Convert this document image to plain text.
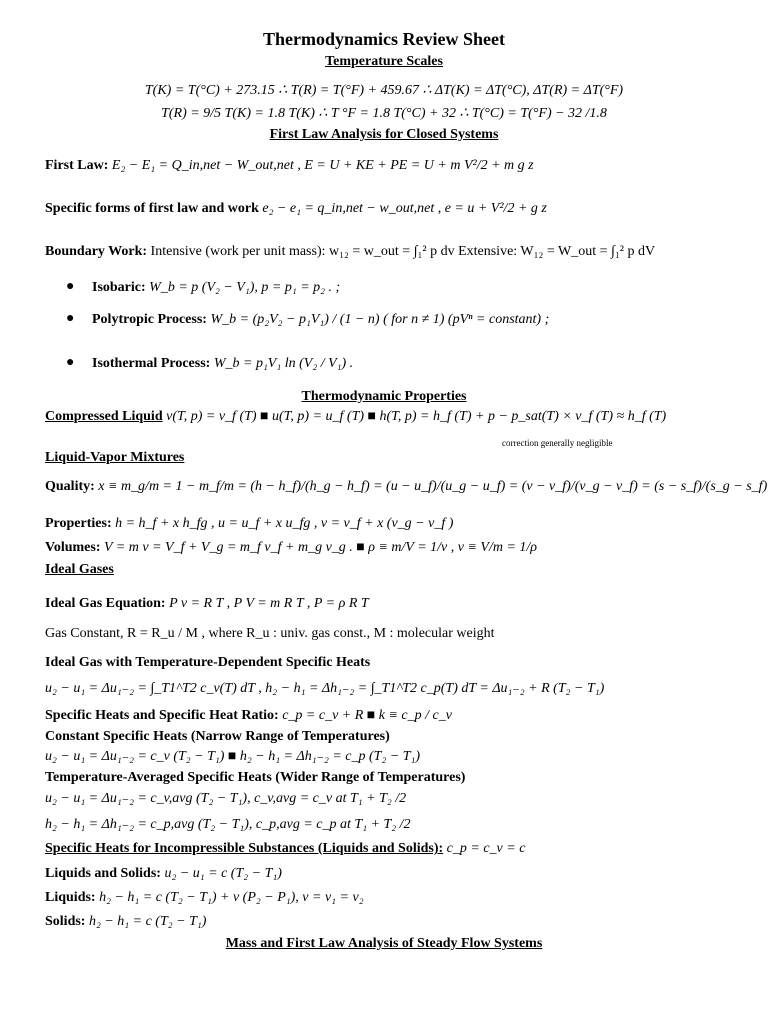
Thermodynamics Review Sheet
Temperature Scales
T(K) = T(°C) + 273.15 ∴ T(R) = T(°F) + 459.67 ∴ ΔT(K) = ΔT(°C), ΔT(R) = ΔT(°F)
T(R) = 9/5 T(K) = 1.8 T(K) ∴ T °F = 1.8 T(°C) + 32 ∴ T(°C) = T(°F) − 32 /1.8
First Law Analysis for Closed Systems
First Law: E₂ − E₁ = Q_in,net − W_out,net , E = U + KE + PE = U + m V²/2 + m g z
Specific forms of first law and work e₂ − e₁ = q_in,net − w_out,net , e = u + V²/2 + g z
Boundary Work: Intensive (work per unit mass): w₁₂ = w_out = ∫₁² p dv Extensive: W₁₂ = W_out = ∫₁² p dV
● Isobaric: W_b = p (V₂ − V₁), p = p₁ = p₂ . ;
● Polytropic Process: W_b = (p₂V₂ − p₁V₁) / (1 − n) ( for n ≠ 1) (pVⁿ = constant) ;
● Isothermal Process: W_b = p₁V₁ ln (V₂ / V₁) .
Thermodynamic Properties
Compressed Liquid v(T, p) = v_f (T) ■ u(T, p) = u_f (T) ■ h(T, p) = h_f (T) + p − p_sat(T) × v_f (T) ≈ h_f (T)
correction generally negligible
Liquid-Vapor Mixtures
Quality: x ≡ m_g/m = 1 − m_f/m = (h − h_f)/(h_g − h_f) = (u − u_f)/(u_g − u_f) = (v − v_f)/(v_g − v_f) = (s − s_f)/(s_g − s_f)
Properties: h = h_f + x h_fg , u = u_f + x u_fg , v = v_f + x (v_g − v_f )
Volumes: V = m v = V_f + V_g = m_f v_f + m_g v_g . ■ ρ ≡ m/V = 1/v , v ≡ V/m = 1/ρ
Ideal Gases
Ideal Gas Equation: P v = R T , P V = m R T , P = ρ R T
Gas Constant, R = R_u / M , where R_u : univ. gas const., M : molecular weight
Ideal Gas with Temperature-Dependent Specific Heats
u₂ − u₁ = Δu₁₋₂ = ∫_T1^T2 c_v(T) dT , h₂ − h₁ = Δh₁₋₂ = ∫_T1^T2 c_p(T) dT = Δu₁₋₂ + R (T₂ − T₁)
Specific Heats and Specific Heat Ratio: c_p = c_v + R ■ k ≡ c_p / c_v
Constant Specific Heats (Narrow Range of Temperatures)
u₂ − u₁ = Δu₁₋₂ = c_v (T₂ − T₁) ■ h₂ − h₁ = Δh₁₋₂ = c_p (T₂ − T₁)
Temperature-Averaged Specific Heats (Wider Range of Temperatures)
u₂ − u₁ = Δu₁₋₂ = c_v,avg (T₂ − T₁), c_v,avg = c_v at T₁ + T₂ /2
h₂ − h₁ = Δh₁₋₂ = c_p,avg (T₂ − T₁), c_p,avg = c_p at T₁ + T₂ /2
Specific Heats for Incompressible Substances (Liquids and Solids): c_p = c_v = c
Liquids and Solids: u₂ − u₁ = c (T₂ − T₁)
Liquids: h₂ − h₁ = c (T₂ − T₁) + v (P₂ − P₁), v = v₁ = v₂
Solids: h₂ − h₁ = c (T₂ − T₁)
Mass and First Law Analysis of Steady Flow Systems
